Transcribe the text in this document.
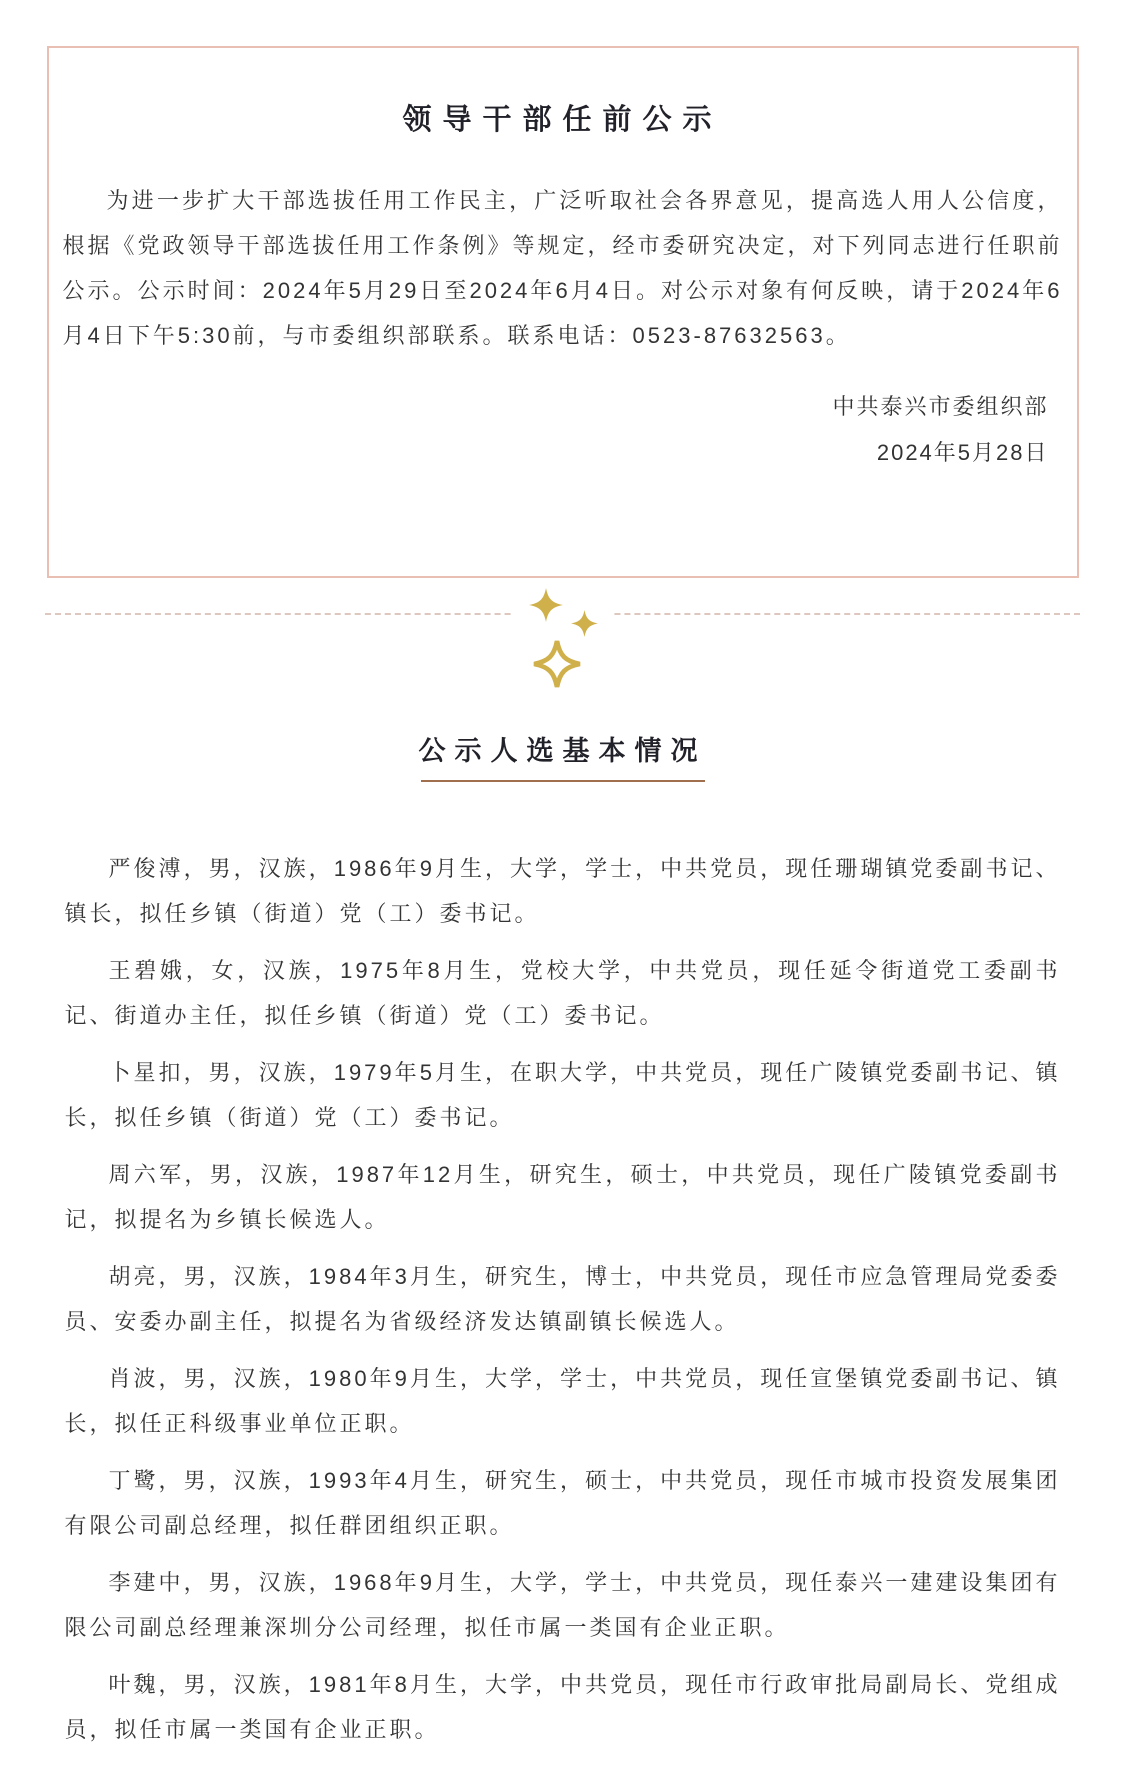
领导干部任前公示

为进一步扩大干部选拔任用工作民主，广泛听取社会各界意见，提高选人用人公信度，根据《党政领导干部选拔任用工作条例》等规定，经市委研究决定，对下列同志进行任职前公示。公示时间：2024年5月29日至2024年6月4日。对公示对象有何反映，请于2024年6月4日下午5:30前，与市委组织部联系。联系电话：0523-87632563。

中共泰兴市委组织部
2024年5月28日
公示人选基本情况

严俊溥，男，汉族，1986年9月生，大学，学士，中共党员，现任珊瑚镇党委副书记、镇长，拟任乡镇（街道）党（工）委书记。

王碧娥，女，汉族，1975年8月生，党校大学，中共党员，现任延令街道党工委副书记、街道办主任，拟任乡镇（街道）党（工）委书记。

卜星扣，男，汉族，1979年5月生，在职大学，中共党员，现任广陵镇党委副书记、镇长，拟任乡镇（街道）党（工）委书记。

周六军，男，汉族，1987年12月生，研究生，硕士，中共党员，现任广陵镇党委副书记，拟提名为乡镇长候选人。

胡亮，男，汉族，1984年3月生，研究生，博士，中共党员，现任市应急管理局党委委员、安委办副主任，拟提名为省级经济发达镇副镇长候选人。

肖波，男，汉族，1980年9月生，大学，学士，中共党员，现任宣堡镇党委副书记、镇长，拟任正科级事业单位正职。

丁鹭，男，汉族，1993年4月生，研究生，硕士，中共党员，现任市城市投资发展集团有限公司副总经理，拟任群团组织正职。

李建中，男，汉族，1968年9月生，大学，学士，中共党员，现任泰兴一建建设集团有限公司副总经理兼深圳分公司经理，拟任市属一类国有企业正职。

叶魏，男，汉族，1981年8月生，大学，中共党员，现任市行政审批局副局长、党组成员，拟任市属一类国有企业正职。
